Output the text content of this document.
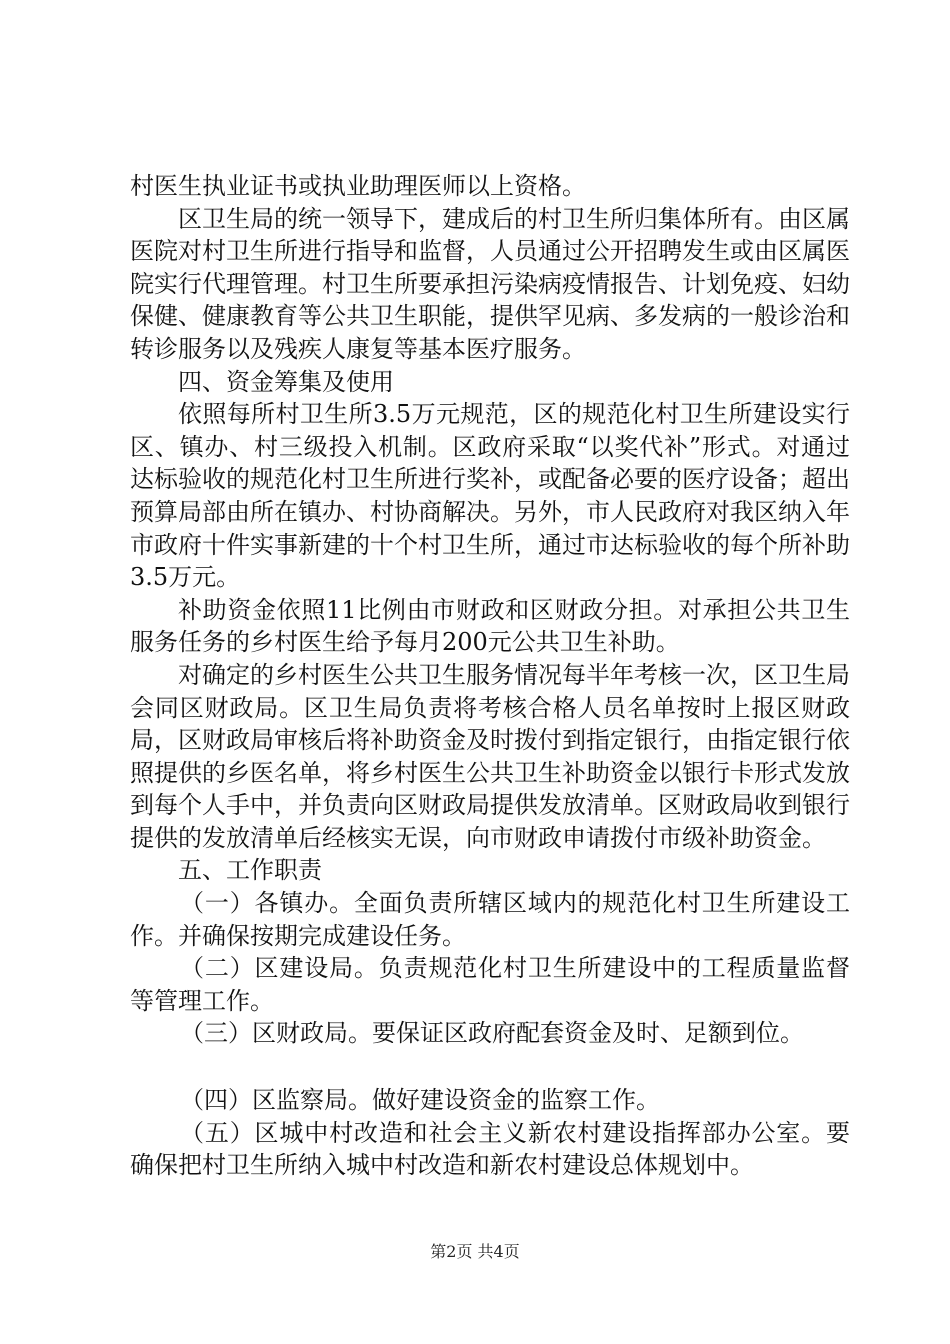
村医生执业证书或执业助理医师以上资格。

区卫生局的统一领导下，建成后的村卫生所归集体所有。由区属医院对村卫生所进行指导和监督，人员通过公开招聘发生或由区属医院实行代理管理。村卫生所要承担污染病疫情报告、计划免疫、妇幼保健、健康教育等公共卫生职能，提供罕见病、多发病的一般诊治和转诊服务以及残疾人康复等基本医疗服务。

四、资金筹集及使用

依照每所村卫生所3.5万元规范，区的规范化村卫生所建设实行区、镇办、村三级投入机制。区政府采取“以奖代补”形式。对通过达标验收的规范化村卫生所进行奖补，或配备必要的医疗设备；超出预算局部由所在镇办、村协商解决。另外，市人民政府对我区纳入年市政府十件实事新建的十个村卫生所，通过市达标验收的每个所补助3.5万元。

补助资金依照11比例由市财政和区财政分担。对承担公共卫生服务任务的乡村医生给予每月200元公共卫生补助。

对确定的乡村医生公共卫生服务情况每半年考核一次，区卫生局会同区财政局。区卫生局负责将考核合格人员名单按时上报区财政局，区财政局审核后将补助资金及时拨付到指定银行，由指定银行依照提供的乡医名单，将乡村医生公共卫生补助资金以银行卡形式发放到每个人手中，并负责向区财政局提供发放清单。区财政局收到银行提供的发放清单后经核实无误，向市财政申请拨付市级补助资金。

五、工作职责

（一）各镇办。全面负责所辖区域内的规范化村卫生所建设工作。并确保按期完成建设任务。

（二）区建设局。负责规范化村卫生所建设中的工程质量监督等管理工作。

（三）区财政局。要保证区政府配套资金及时、足额到位。

（四）区监察局。做好建设资金的监察工作。

（五）区城中村改造和社会主义新农村建设指挥部办公室。要确保把村卫生所纳入城中村改造和新农村建设总体规划中。

第2页 共4页
